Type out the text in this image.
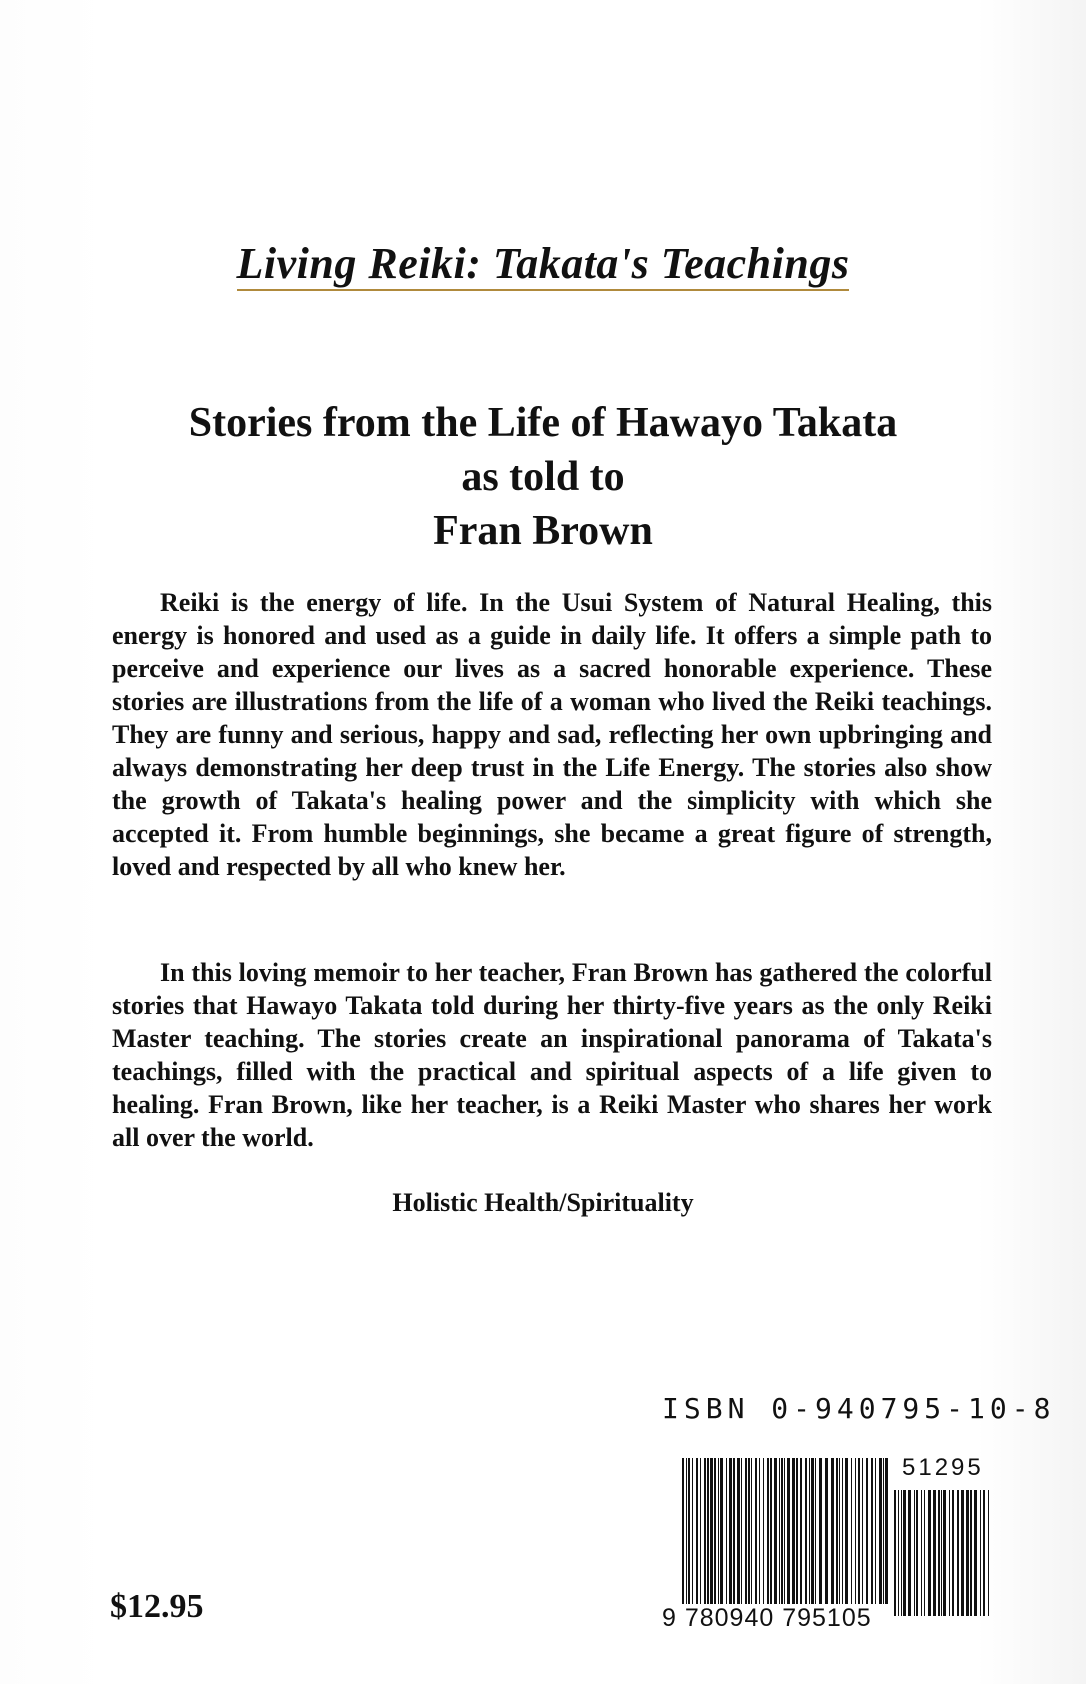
Living Reiki: Takata's Teachings
Stories from the Life of Hawayo Takata
as told to
Fran Brown

Reiki is the energy of life. In the Usui System of Natural Healing, this energy is honored and used as a guide in daily life. It offers a simple path to perceive and experience our lives as a sacred honorable experience. These stories are illustrations from the life of a woman who lived the Reiki teachings. They are funny and serious, happy and sad, reflecting her own upbringing and always demonstrating her deep trust in the Life Energy. The stories also show the growth of Takata's healing power and the simplicity with which she accepted it. From humble beginnings, she became a great figure of strength, loved and respected by all who knew her.

In this loving memoir to her teacher, Fran Brown has gathered the colorful stories that Hawayo Takata told during her thirty-five years as the only Reiki Master teaching. The stories create an inspirational panorama of Takata's teachings, filled with the practical and spiritual aspects of a life given to healing. Fran Brown, like her teacher, is a Reiki Master who shares her work all over the world.

Holistic Health/Spirituality
ISBN 0-940795-10-8
51295
9 780940 795105
$12.95
